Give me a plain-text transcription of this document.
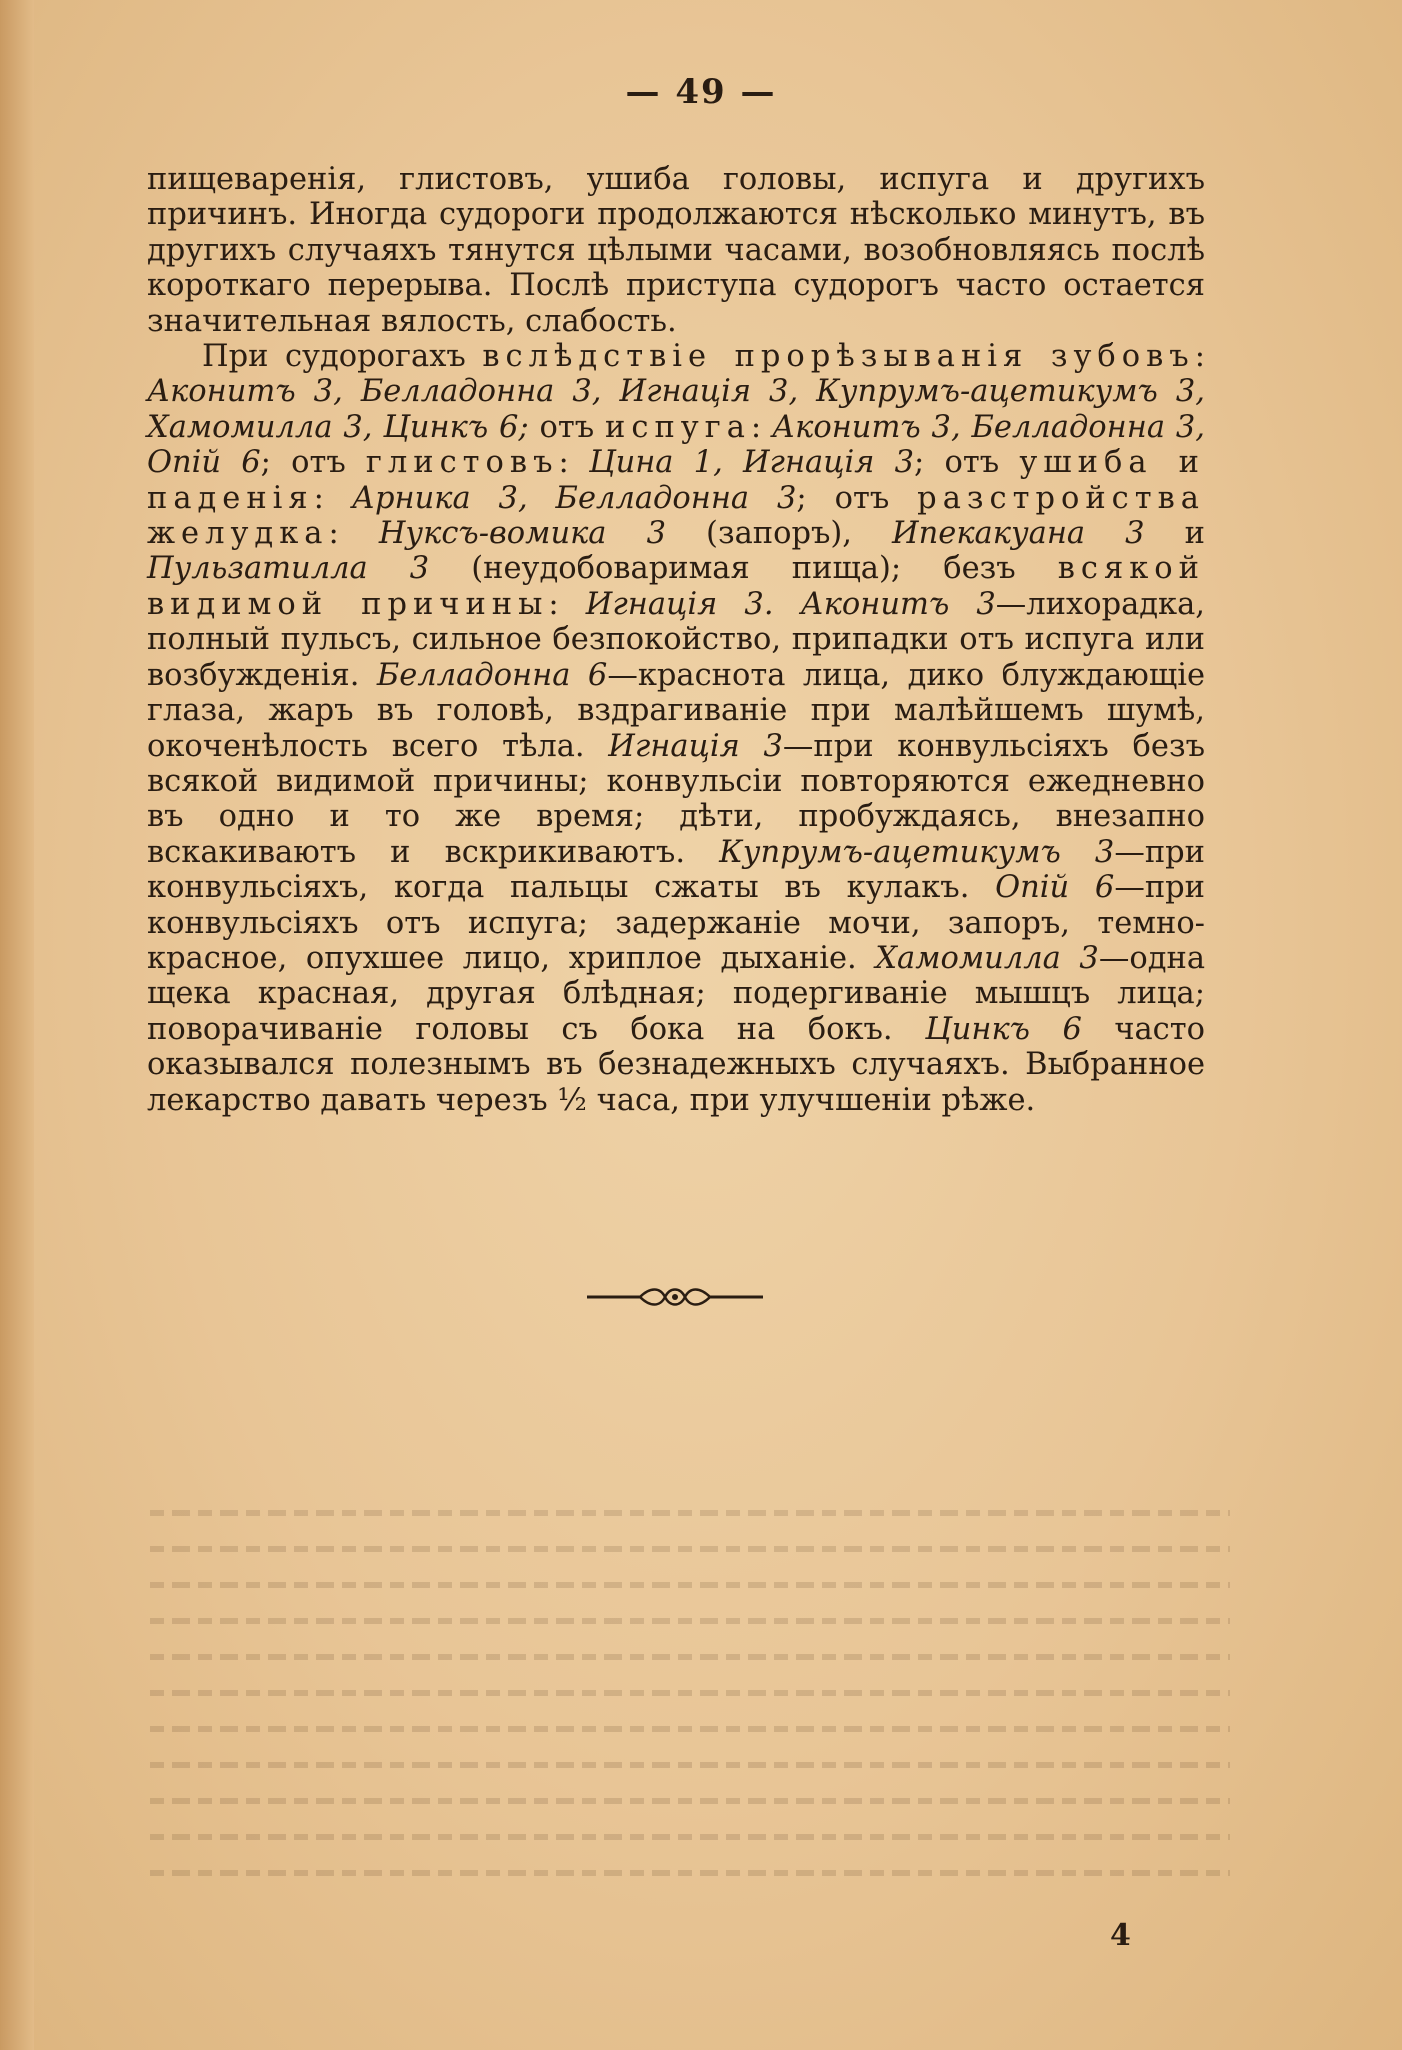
— 49 —

пищеваренія, глистовъ, ушиба головы, испуга и другихъ причинъ. Иногда судороги продолжаются нѣсколько минутъ, въ другихъ случаяхъ тянутся цѣлыми часами, возобновляясь послѣ короткаго перерыва. Послѣ приступа судорогъ часто остается значительная вялость, слабость.

При судорогахъ вслѣдствіе прорѣзыванія зубовъ: Аконитъ 3, Белладонна 3, Игнація 3, Купрумъ-ацетикумъ 3, Хамомилла 3, Цинкъ 6; отъ испуга: Аконитъ 3, Белладонна 3, Опій 6; отъ глистовъ: Цина 1, Игнація 3; отъ ушиба и паденія: Арника 3, Белладонна 3; отъ разстройства желудка: Нуксъ-вомика 3 (запоръ), Ипекакуана 3 и Пульзатилла 3 (неудобоваримая пища); безъ всякой видимой причины: Игнація 3. Аконитъ 3—лихорадка, полный пульсъ, сильное безпокойство, припадки отъ испуга или возбужденія. Белладонна 6—краснота лица, дико блуждающіе глаза, жаръ въ головѣ, вздрагиваніе при малѣйшемъ шумѣ, окоченѣлость всего тѣла. Игнація 3—при конвульсіяхъ безъ всякой видимой причины; конвульсіи повторяются ежедневно въ одно и то же время; дѣти, пробуждаясь, внезапно вскакиваютъ и вскрикиваютъ. Купрумъ-ацетикумъ 3—при конвульсіяхъ, когда пальцы сжаты въ кулакъ. Опій 6—при конвульсіяхъ отъ испуга; задержаніе мочи, запоръ, темно-красное, опухшее лицо, хриплое дыханіе. Хамомилла 3—одна щека красная, другая блѣдная; подергиваніе мышцъ лица; поворачиваніе головы съ бока на бокъ. Цинкъ 6 часто оказывался полезнымъ въ безнадежныхъ случаяхъ. Выбранное лекарство давать черезъ ½ часа, при улучшеніи рѣже.

4
